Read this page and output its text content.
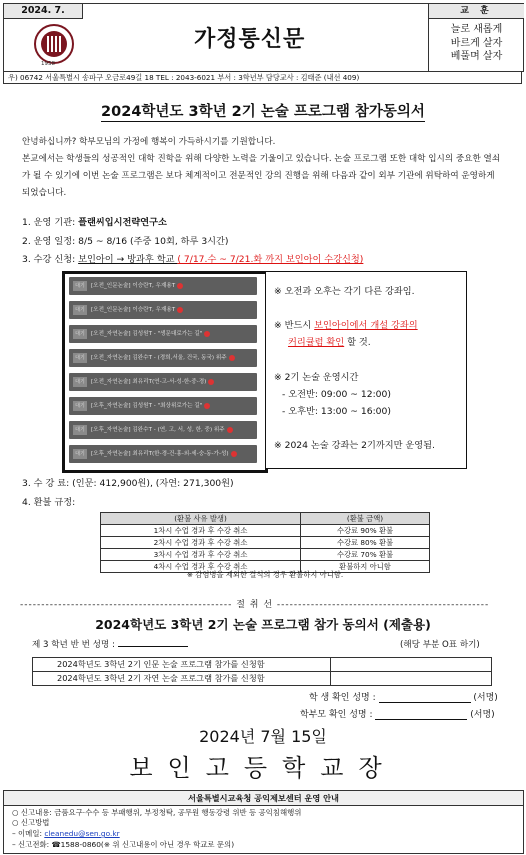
2024. 7.
1938
가정통신문
교 훈
늘로 새롭게
바르게 살자
베풀며 살자
우) 06742 서울특별시 송파구 오금로49길 18 TEL : 2043-6021 부서 : 3학년부 담당교사 : 김태준 (내선 409)
2024학년도 3학년 2기 논술 프로그램 참가동의서
안녕하십니까? 학부모님의 가정에 행복이 가득하시기를 기원합니다.
본교에서는 학생들의 성공적인 대학 진학을 위해 다양한 노력을 기울이고 있습니다. 논술 프로그램 또한 대학 입시의 중요한 열쇠가 될 수 있기에 이번 논술 프로그램은 보다 체계적이고 전문적인 강의 진행을 위해 다음과 같이 외부 기관에 위탁하여 운영하게 되었습니다.
1. 운영 기관: 플랜씨입시전략연구소
2. 운영 일정: 8/5 ~ 8/16 (주중 10회, 하루 3시간)
3. 수강 신청: 보인아이 → 방과후 학교 ( 7/17.수 ~ 7/21.화 까지 보인아이 수강신청)
대기	[오전_인문논술] 이승란T, 우재용T
대기	[오전_인문논술] 이승란T, 우재용T
대기	[오전_자연논술] 김성원T - "생문대로가는 길"
대기	[오전_자연논술] 김완수T - (경희,서울, 건국, 동국) 위주
대기	[오전_자연논술] 최유리T(연-고-서-성-한-중-경)
대기	[오후_자연논술] 김성원T - "최상위로가는 길"
대기	[오후_자연논술] 김완수T - (연, 고, 서, 성, 한, 중) 위주
대기	[오후_자연논술] 최유리T(한-경-건-홍-외-세-숭-동-가-성)
※ 오전과 오후는 각기 다른 강좌임.
※ 반드시 보인아이에서 개설 강좌의
커리큘럼 확인 할 것.
※ 2기 논술 운영시간
- 오전반: 09:00 ~ 12:00)
- 오후반: 13:00 ~ 16:00)
※ 2024 논술 강좌는 2기까지만 운영됨.
3. 수 강 료: (인문: 412,900원), (자연: 271,300원)
4. 환불 규정:
(환불 사유 발생)	(환불 금액)
1차시 수업 경과 후 수강 취소	수강료 90% 환불
2차시 수업 경과 후 수강 취소	수강료 80% 환불
3차시 수업 경과 후 수강 취소	수강료 70% 환불
4차시 수업 경과 후 수강 취소	환불하지 아니함
※ 감염병을 제외한 결석의 경우 환불하지 아니함.
-------------------------------------------------- 절 취 선 --------------------------------------------------
2024학년도 3학년 2기 논술 프로그램 참가 동의서 (제출용)
제 3 학년 반 번 성명 :	(해당 부분 O표 하기)
2024학년도 3학년 2기 인문 논술 프로그램 참가를 신청함	
2024학년도 3학년 2기 자연 논술 프로그램 참가를 신청함	
학 생 확인 성명 :	(서명)
학부모 확인 성명 :	(서명)
2024년 7월 15일
보인고등학교장
서울특별시교육청 공익제보센터 운영 안내
○ 신고내용: 금품요구·수수 등 부패행위, 부정청탁, 공무원 행동강령 위반 등 공익침해행위
○ 신고방법
– 이메일: cleanedu@sen.go.kr
– 신고전화: ☎1588-0860(※ 위 신고내용이 아닌 경우 학교로 문의)
